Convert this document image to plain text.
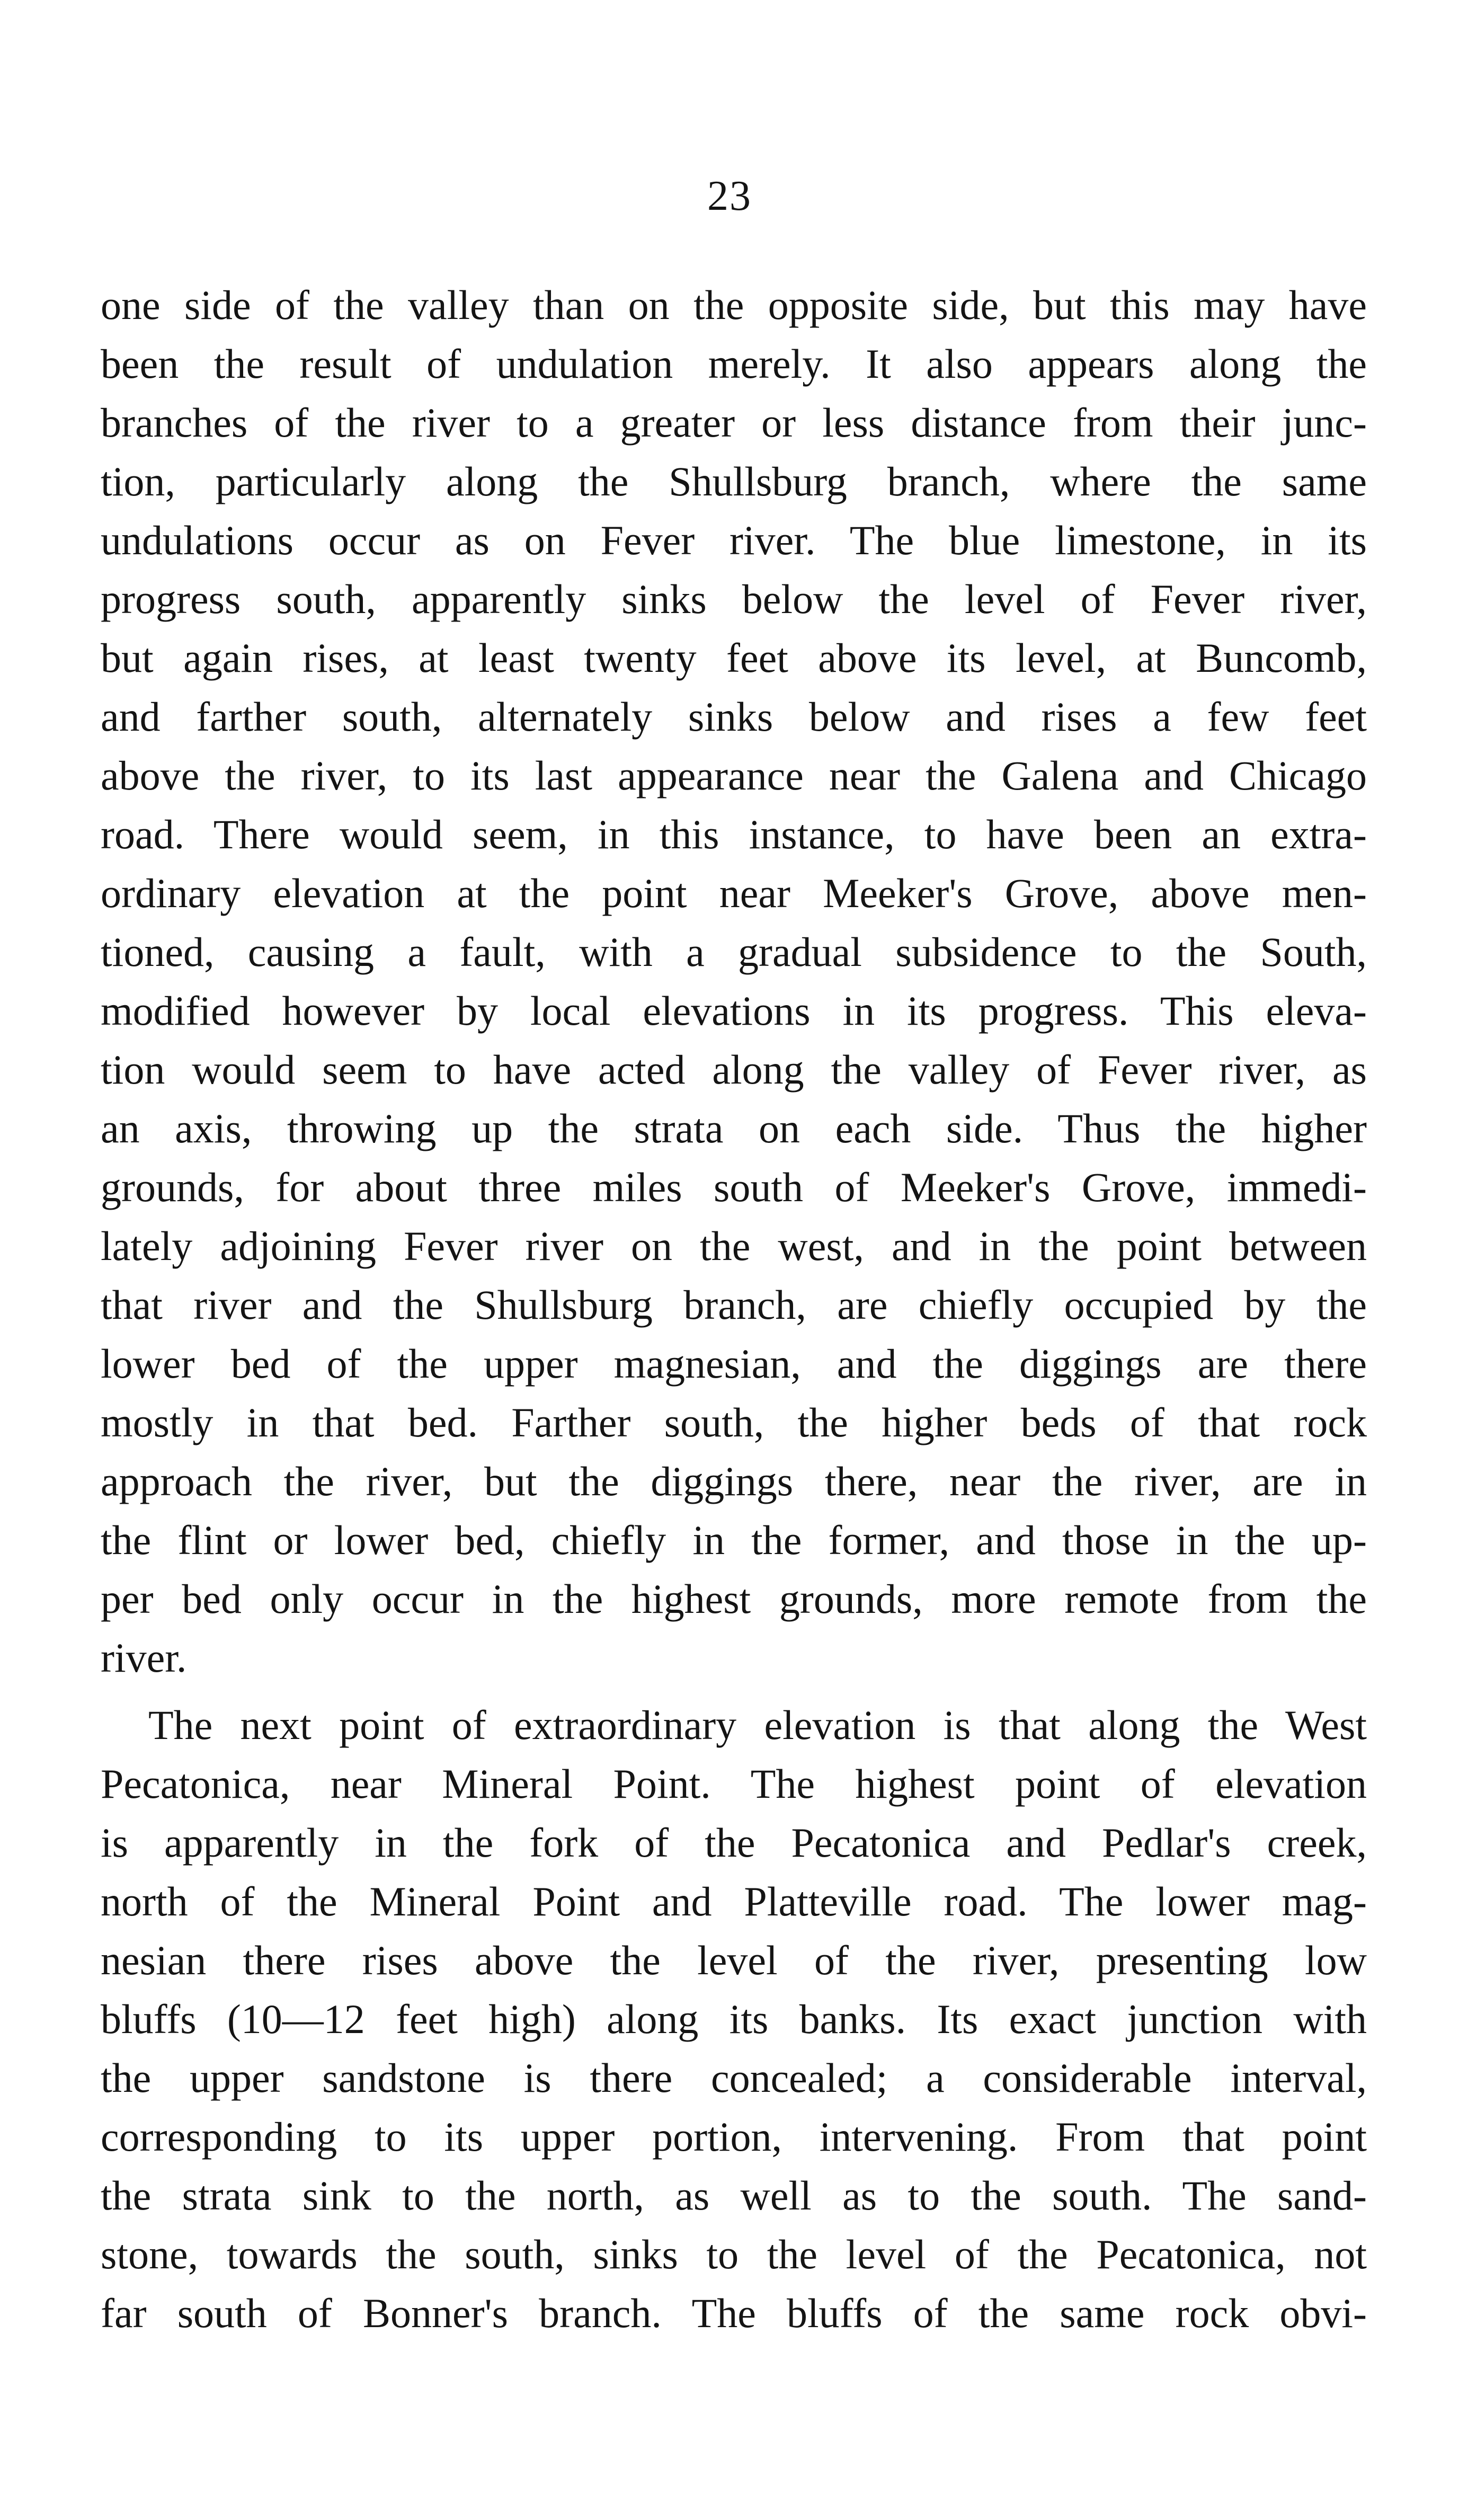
23
one side of the valley than on the opposite side, but this may have
been the result of undulation merely. It also appears along the
branches of the river to a greater or less distance from their junc-
tion, particularly along the Shullsburg branch, where the same
undulations occur as on Fever river. The blue limestone, in its
progress south, apparently sinks below the level of Fever river,
but again rises, at least twenty feet above its level, at Buncomb,
and farther south, alternately sinks below and rises a few feet
above the river, to its last appearance near the Galena and Chicago
road. There would seem, in this instance, to have been an extra-
ordinary elevation at the point near Meeker's Grove, above men-
tioned, causing a fault, with a gradual subsidence to the South,
modified however by local elevations in its progress. This eleva-
tion would seem to have acted along the valley of Fever river, as
an axis, throwing up the strata on each side. Thus the higher
grounds, for about three miles south of Meeker's Grove, immedi-
lately adjoining Fever river on the west, and in the point between
that river and the Shullsburg branch, are chiefly occupied by the
lower bed of the upper magnesian, and the diggings are there
mostly in that bed. Farther south, the higher beds of that rock
approach the river, but the diggings there, near the river, are in
the flint or lower bed, chiefly in the former, and those in the up-
per bed only occur in the highest grounds, more remote from the
river.
The next point of extraordinary elevation is that along the West
Pecatonica, near Mineral Point. The highest point of elevation
is apparently in the fork of the Pecatonica and Pedlar's creek,
north of the Mineral Point and Platteville road. The lower mag-
nesian there rises above the level of the river, presenting low
bluffs (10—12 feet high) along its banks. Its exact junction with
the upper sandstone is there concealed; a considerable interval,
corresponding to its upper portion, intervening. From that point
the strata sink to the north, as well as to the south. The sand-
stone, towards the south, sinks to the level of the Pecatonica, not
far south of Bonner's branch. The bluffs of the same rock obvi-
